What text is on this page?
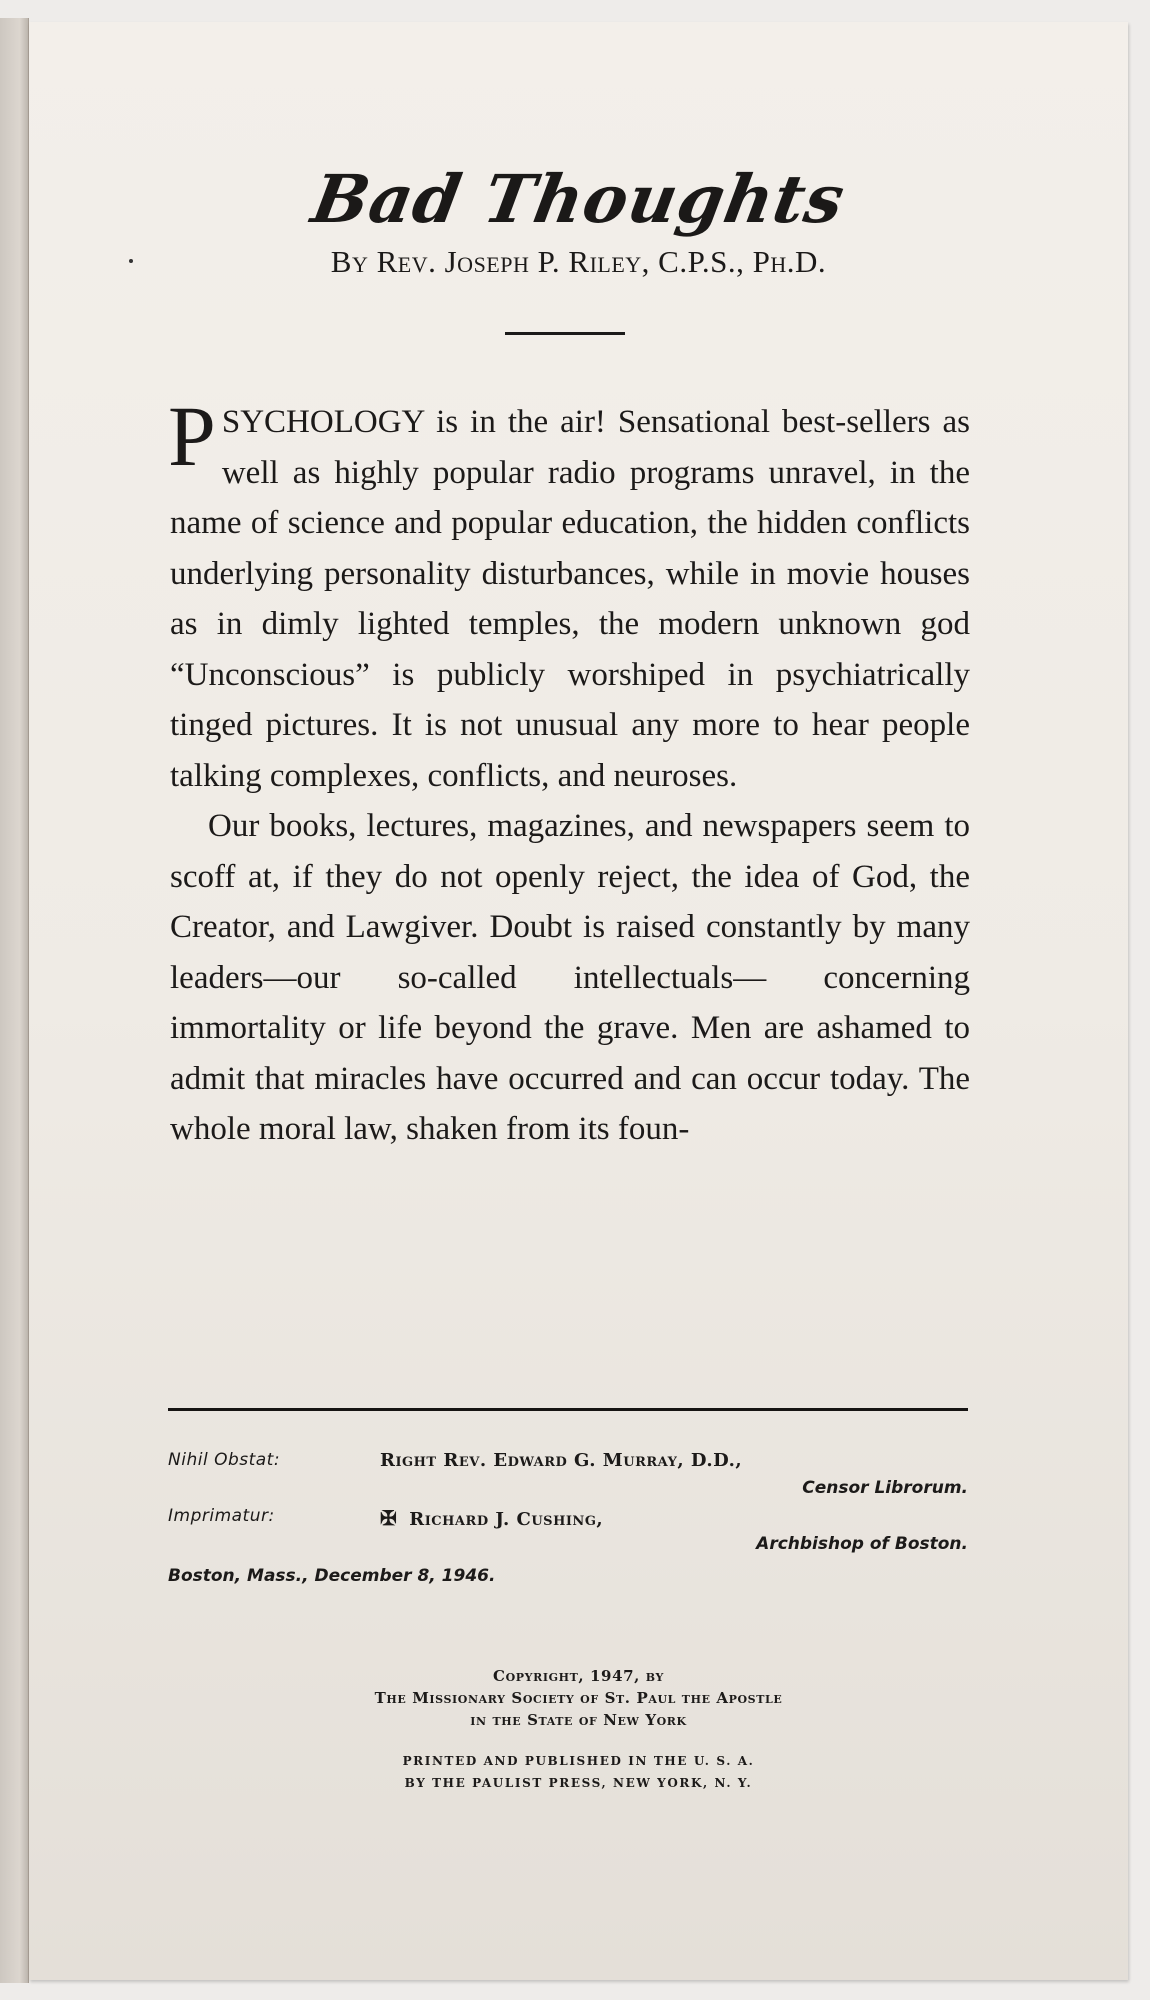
Bad Thoughts
By Rev. Joseph P. Riley, C.P.S., Ph.D.

PSYCHOLOGY is in the air! Sensational best-sellers as well as highly popular radio programs unravel, in the name of science and popular education, the hidden conflicts underlying personality disturbances, while in movie houses as in dimly lighted temples, the modern unknown god “Unconscious” is publicly worshiped in psychiatrically tinged pictures. It is not unusual any more to hear people talking complexes, conflicts, and neuroses.

Our books, lectures, magazines, and newspapers seem to scoff at, if they do not openly reject, the idea of God, the Creator, and Lawgiver. Doubt is raised constantly by many leaders—our so-called intellectuals— concerning immortality or life beyond the grave. Men are ashamed to admit that miracles have occurred and can occur today. The whole moral law, shaken from its foun-

Nihil Obstat:	Right Rev. Edward G. Murray, D.D.,
Censor Librorum.
Imprimatur:	✠ Richard J. Cushing,
Archbishop of Boston.
Boston, Mass., December 8, 1946.
Copyright, 1947, by
The Missionary Society of St. Paul the Apostle
in the State of New York
PRINTED AND PUBLISHED IN THE U. S. A.
BY THE PAULIST PRESS, NEW YORK, N. Y.
